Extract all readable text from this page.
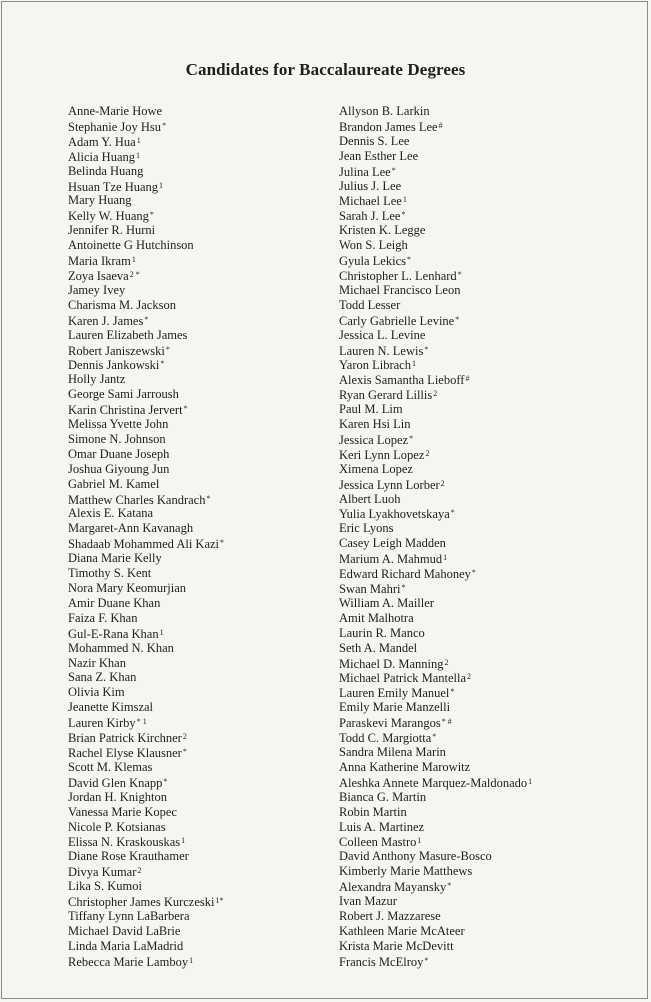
Candidates for Baccalaureate Degrees
Anne-Marie Howe
Stephanie Joy Hsu*
Adam Y. Hua$^1$
Alicia Huang$^1$
Belinda Huang
Hsuan Tze Huang$^1$
Mary Huang
Kelly W. Huang*
Jennifer R. Hurni
Antoinette G Hutchinson
Maria Ikram$^1$
Zoya Isaeva$^{2 *}$
Jamey Ivey
Charisma M. Jackson
Karen J. James*
Lauren Elizabeth James
Robert Janiszewski*
Dennis Jankowski*
Holly Jantz
George Sami Jarroush
Karin Christina Jervert*
Melissa Yvette John
Simone N. Johnson
Omar Duane Joseph
Joshua Giyoung Jun
Gabriel M. Kamel
Matthew Charles Kandrach*
Alexis E. Katana
Margaret-Ann Kavanagh
Shadaab Mohammed Ali Kazi*
Diana Marie Kelly
Timothy S. Kent
Nora Mary Keomurjian
Amir Duane Khan
Faiza F. Khan
Gul-E-Rana Khan$^1$
Mohammed N. Khan
Nazir Khan
Sana Z. Khan
Olivia Kim
Jeanette Kimszal
Lauren Kirby$^{* 1}$
Brian Patrick Kirchner$^2$
Rachel Elyse Klausner*
Scott M. Klemas
David Glen Knapp*
Jordan H. Knighton
Vanessa Marie Kopec
Nicole P. Kotsianas
Elissa N. Kraskouskas$^1$
Diane Rose Krauthamer
Divya Kumar$^2$
Lika S. Kumoi
Christopher James Kurczeski$^{1*}$
Tiffany Lynn LaBarbera
Michael David LaBrie
Linda Maria LaMadrid
Rebecca Marie Lamboy$^1$
Allyson B. Larkin
Brandon James Lee#
Dennis S. Lee
Jean Esther Lee
Julina Lee*
Julius J. Lee
Michael Lee$^1$
Sarah J. Lee*
Kristen K. Legge
Won S. Leigh
Gyula Lekics*
Christopher L. Lenhard*
Michael Francisco Leon
Todd Lesser
Carly Gabrielle Levine*
Jessica L. Levine
Lauren N. Lewis*
Yaron Librach$^1$
Alexis Samantha Lieboff#
Ryan Gerard Lillis$^2$
Paul M. Lim
Karen Hsi Lin
Jessica Lopez*
Keri Lynn Lopez$^2$
Ximena Lopez
Jessica Lynn Lorber$^2$
Albert Luoh
Yulia Lyakhovetskaya*
Eric Lyons
Casey Leigh Madden
Marium A. Mahmud$^1$
Edward Richard Mahoney*
Swan Mahri*
William A. Mailler
Amit Malhotra
Laurin R. Manco
Seth A. Mandel
Michael D. Manning$^2$
Michael Patrick Mantella$^2$
Lauren Emily Manuel*
Emily Marie Manzelli
Paraskevi Marangos* #
Todd C. Margiotta*
Sandra Milena Marin
Anna Katherine Marowitz
Aleshka Annete Marquez-Maldonado$^1$
Bianca G. Martin
Robin Martin
Luis A. Martinez
Colleen Mastro$^1$
David Anthony Masure-Bosco
Kimberly Marie Matthews
Alexandra Mayansky*
Ivan Mazur
Robert J. Mazzarese
Kathleen Marie McAteer
Krista Marie McDevitt
Francis McElroy*
